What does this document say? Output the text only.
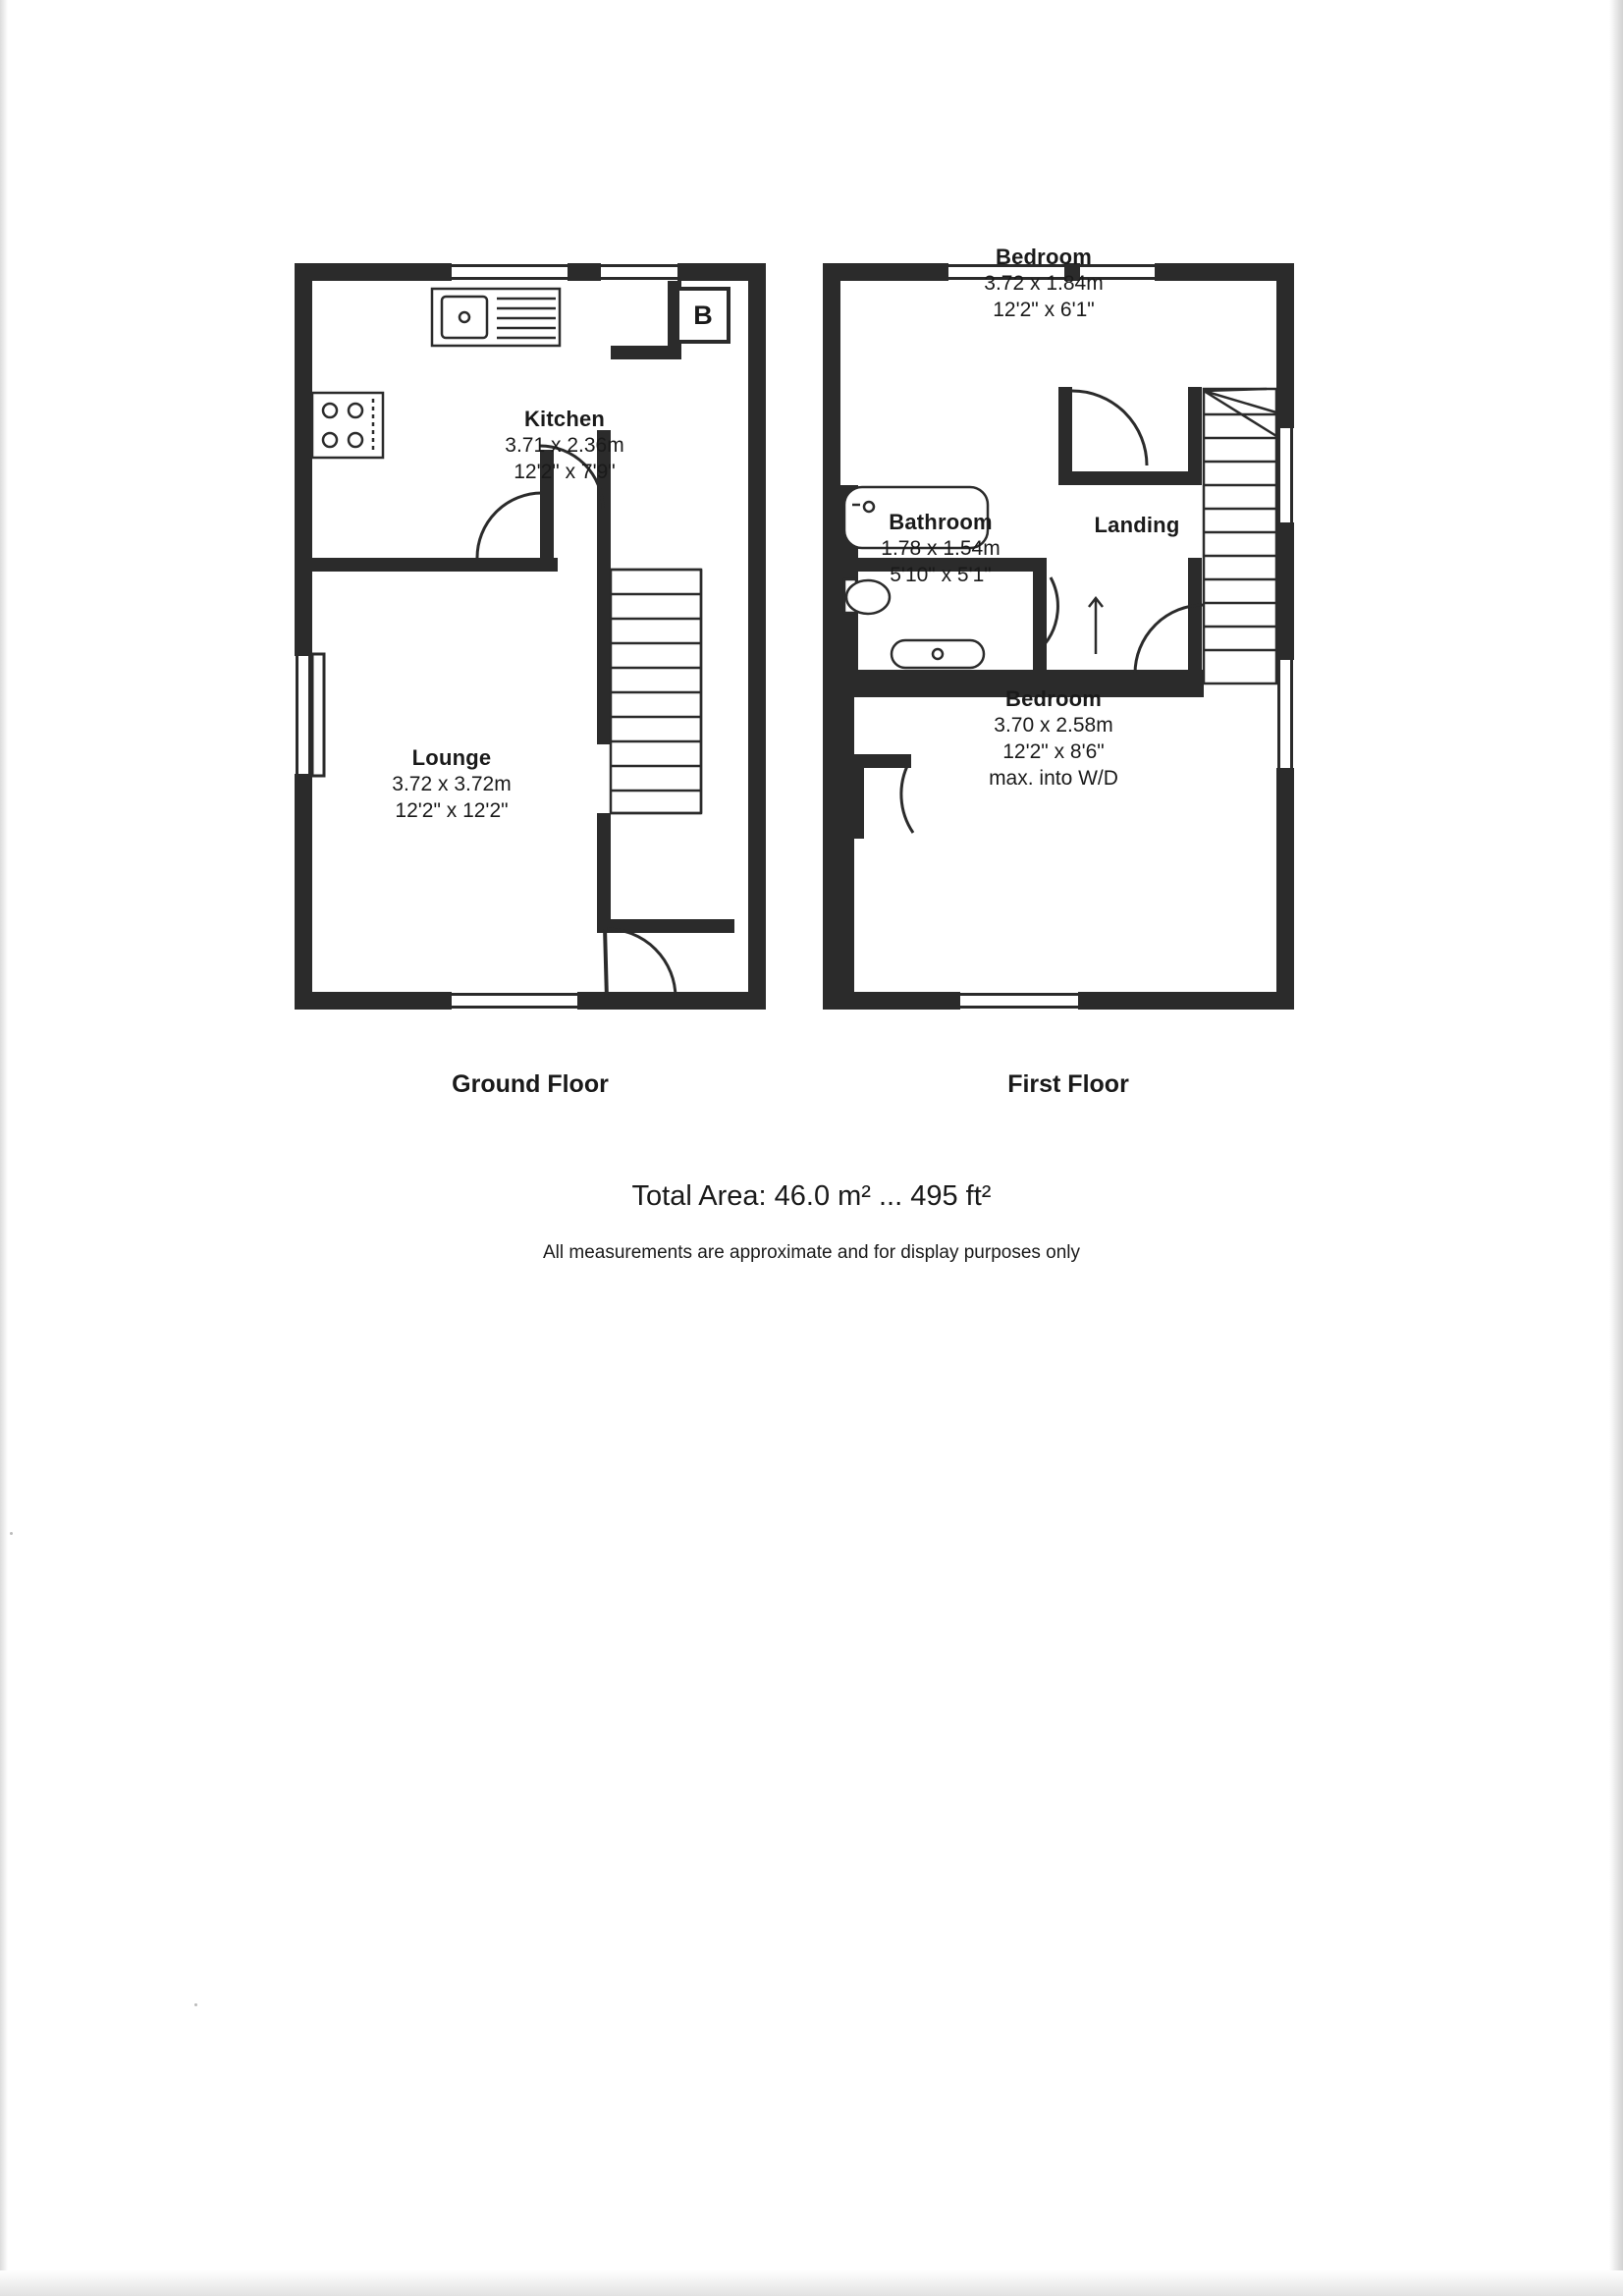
B
Kitchen
3.71 x 2.36m
12'2" x 7'9"
Lounge
3.72 x 3.72m
12'2" x 12'2"
Ground Floor
Bedroom
3.72 x 1.84m
12'2" x 6'1"
Bathroom
1.78 x 1.54m
5'10" x 5'1"
Landing
Bedroom
3.70 x 2.58m
12'2" x 8'6"
max. into W/D
First Floor
Total Area: 46.0 m² ... 495 ft²
All measurements are approximate and for display purposes only
